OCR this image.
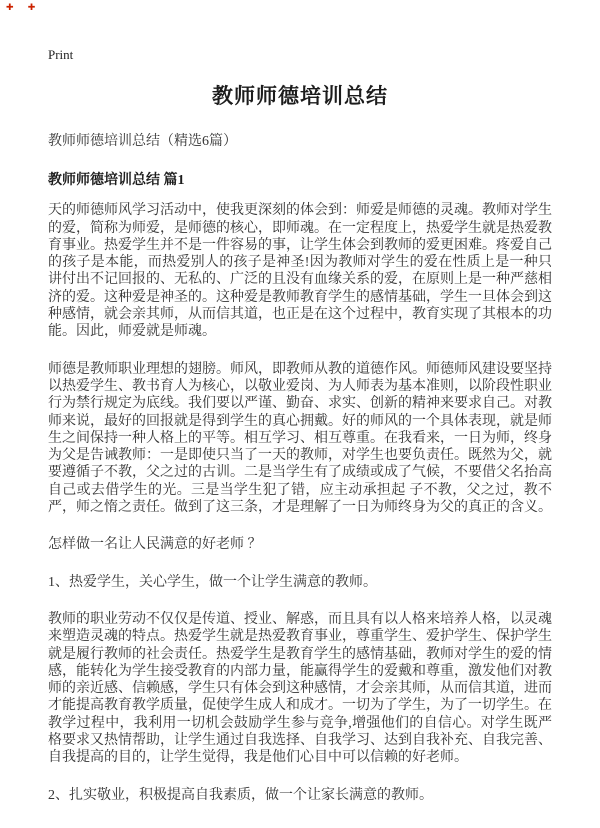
✚ ✚
Print
教师师德培训总结
教师师德培训总结（精选6篇）
教师师德培训总结 篇1

天的师德师风学习活动中，使我更深刻的体会到：师爱是师德的灵魂。教师对学生的爱，简称为师爱，是师德的核心，即师魂。在一定程度上，热爱学生就是热爱教育事业。热爱学生并不是一件容易的事，让学生体会到教师的爱更困难。疼爱自己的孩子是本能，而热爱别人的孩子是神圣!因为教师对学生的爱在性质上是一种只讲付出不记回报的、无私的、广泛的且没有血缘关系的爱，在原则上是一种严慈相济的爱。这种爱是神圣的。这种爱是教师教育学生的感情基础，学生一旦体会到这种感情，就会亲其师，从而信其道，也正是在这个过程中，教育实现了其根本的功能。因此，师爱就是师魂。

师德是教师职业理想的翅膀。师风，即教师从教的道德作风。师德师风建设要坚持以热爱学生、教书育人为核心，以敬业爱岗、为人师表为基本准则，以阶段性职业行为禁行规定为底线。我们要以严谨、勤奋、求实、创新的精神来要求自己。对教师来说，最好的回报就是得到学生的真心拥戴。好的师风的一个具体表现，就是师生之间保持一种人格上的平等。相互学习、相互尊重。在我看来，一日为师，终身为父是告诫教师：一是即使只当了一天的教师，对学生也要负责任。既然为父，就要遵循子不教，父之过的古训。二是当学生有了成绩或成了气候，不要借父名抬高自己或去借学生的光。三是当学生犯了错，应主动承担起 子不教，父之过，教不严，师之惰之责任。做到了这三条，才是理解了一日为师终身为父的真正的含义。

怎样做一名让人民满意的好老师 ？

1、热爱学生，关心学生，做一个让学生满意的教师。

教师的职业劳动不仅仅是传道、授业、解惑，而且具有以人格来培养人格，以灵魂来塑造灵魂的特点。热爱学生就是热爱教育事业，尊重学生、爱护学生、保护学生就是履行教师的社会责任。热爱学生是教育学生的感情基础，教师对学生的爱的情感，能转化为学生接受教育的内部力量，能赢得学生的爱戴和尊重，激发他们对教师的亲近感、信赖感，学生只有体会到这种感情，才会亲其师，从而信其道，进而才能提高教育教学质量，促使学生成人和成才。一切为了学生，为了一切学生。在教学过程中，我利用一切机会鼓励学生参与竞争,增强他们的自信心。对学生既严格要求又热情帮助，让学生通过自我选择、自我学习、达到自我补充、自我完善、自我提高的目的，让学生觉得，我是他们心目中可以信赖的好老师。

2、扎实敬业，积极提高自我素质，做一个让家长满意的教师。
